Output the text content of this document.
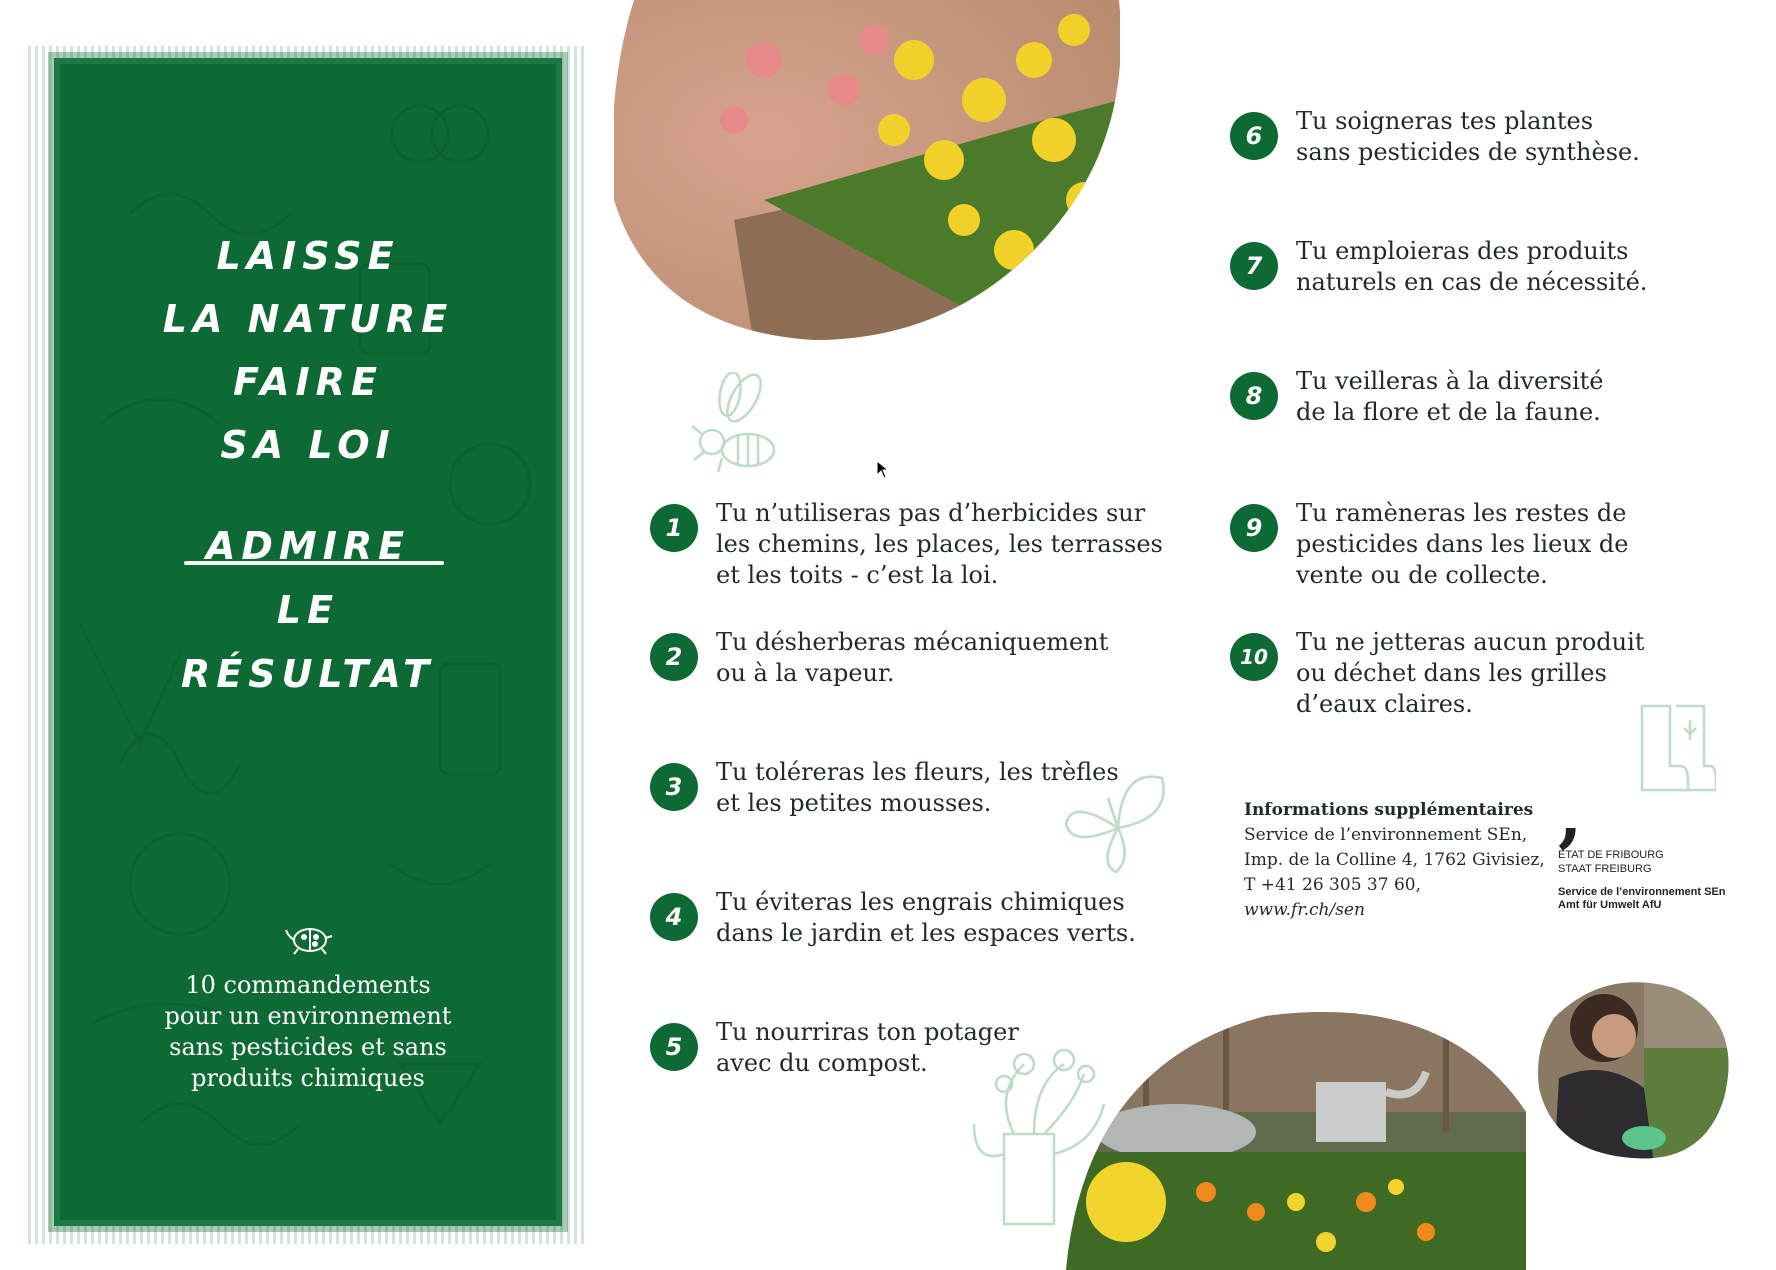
LAISSE
LA NATURE
FAIRE
SA LOI
ADMIRE
LE
RÉSULTAT
10 commandements
pour un environnement
sans pesticides et sans
produits chimiques
1
Tu n’utiliseras pas d’herbicides sur
les chemins, les places, les terrasses
et les toits - c’est la loi.
2
Tu désherberas mécaniquement
ou à la vapeur.
3
Tu toléreras les fleurs, les trèfles
et les petites mousses.
4
Tu éviteras les engrais chimiques
dans le jardin et les espaces verts.
5
Tu nourriras ton potager
avec du compost.
6
Tu soigneras tes plantes
sans pesticides de synthèse.
7
Tu emploieras des produits
naturels en cas de nécessité.
8
Tu veilleras à la diversité
de la flore et de la faune.
9
Tu ramèneras les restes de
pesticides dans les lieux de
vente ou de collecte.
10
Tu ne jetteras aucun produit
ou déchet dans les grilles
d’eaux claires.
Informations supplémentaires
Service de l’environnement SEn,
Imp. de la Colline 4, 1762 Givisiez,
T +41 26 305 37 60,
www.fr.ch/sen
,
ETAT DE FRIBOURG
STAAT FREIBURG
Service de l’environnement SEn
Amt für Umwelt AfU
